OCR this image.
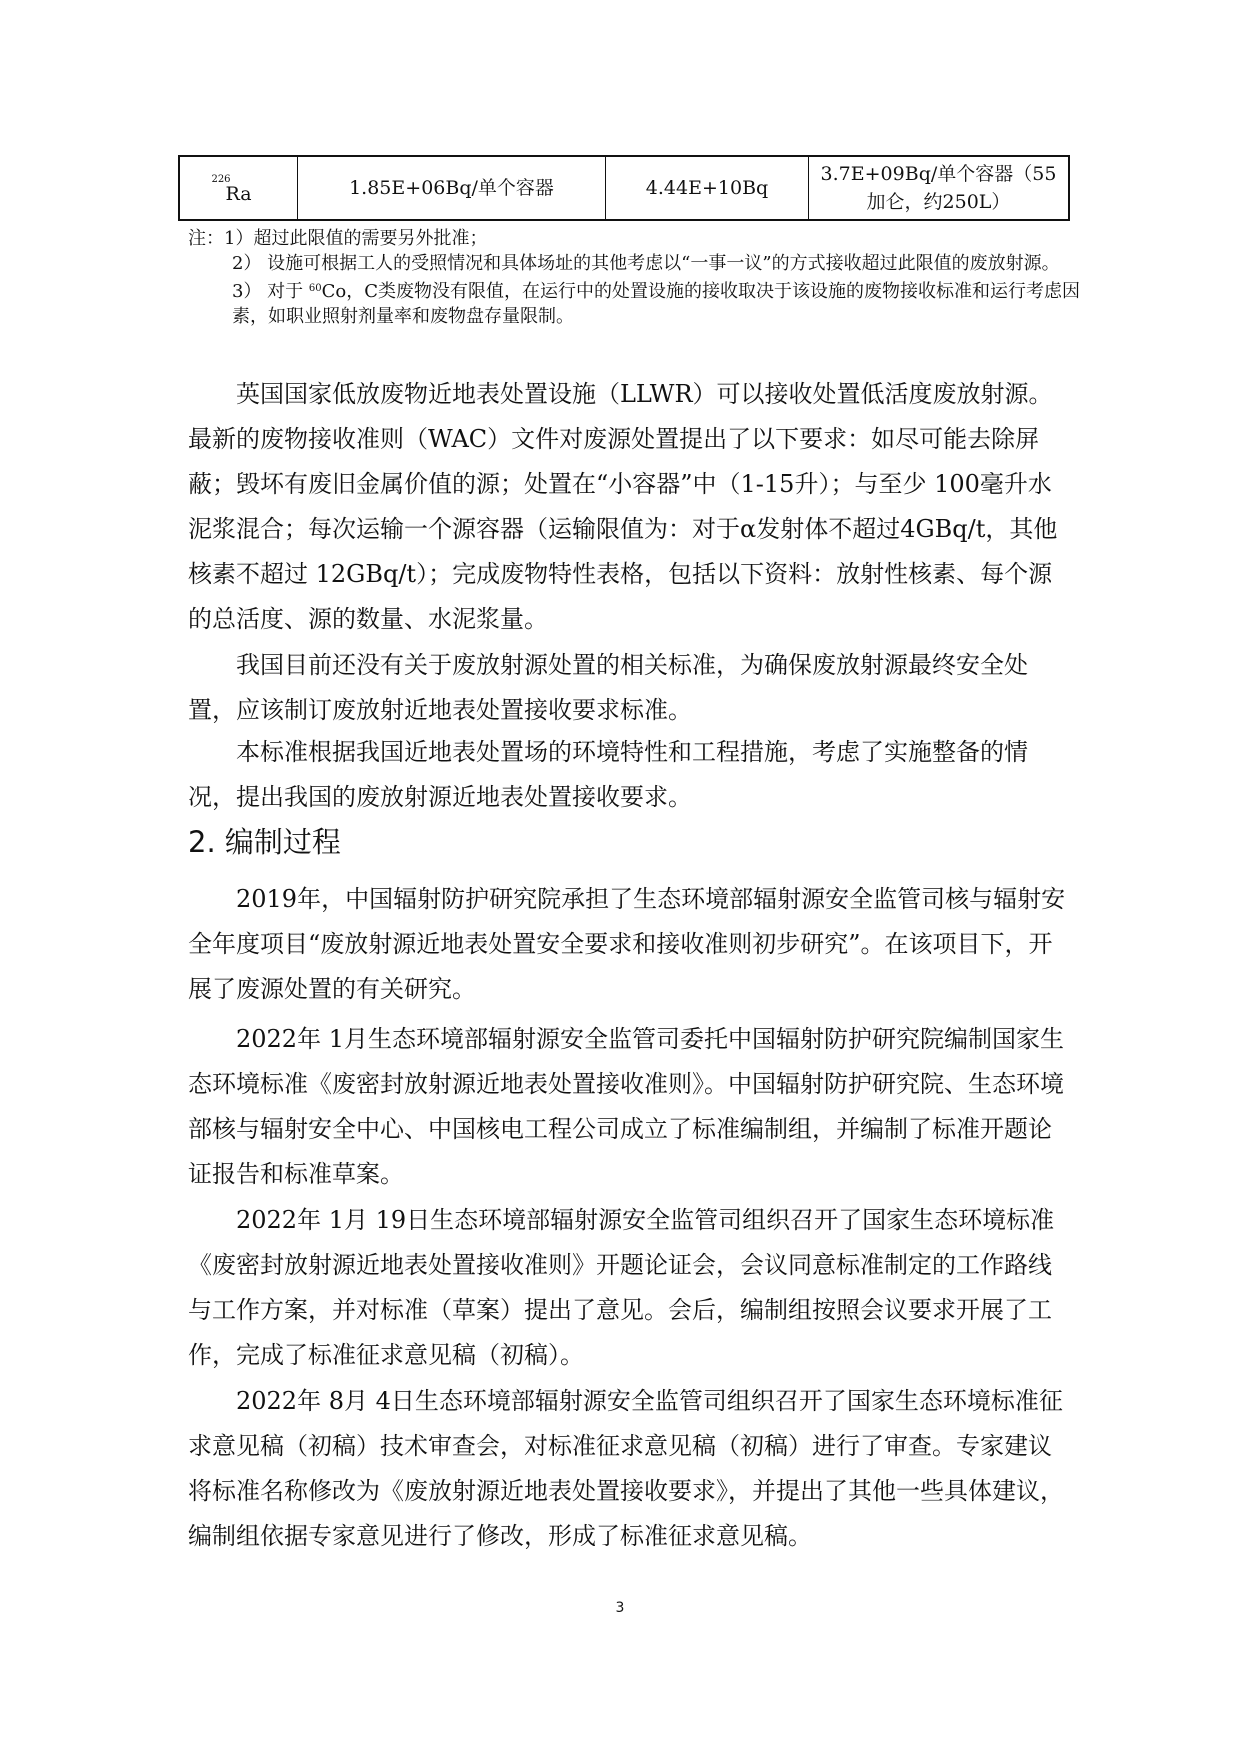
226
Ra	1.85E+06Bq/单个容器	4.44E+10Bq	3.7E+09Bq/单个容器（55加仑，约250L）

注：1）超过此限值的需要另外批准；

2） 设施可根据工人的受照情况和具体场址的其他考虑以“一事一议”的方式接收超过此限值的废放射源。

3） 对于 $^{60}$Co，C类废物没有限值，在运行中的处置设施的接收取决于该设施的废物接收标准和运行考虑因素，如职业照射剂量率和废物盘存量限制。

英国国家低放废物近地表处置设施（LLWR）可以接收处置低活度废放射源。最新的废物接收准则（WAC）文件对废源处置提出了以下要求：如尽可能去除屏蔽；毁坏有废旧金属价值的源；处置在“小容器”中（1-15升）；与至少 100毫升水泥浆混合；每次运输一个源容器（运输限值为：对于α发射体不超过4GBq/t，其他核素不超过 12GBq/t）；完成废物特性表格，包括以下资料：放射性核素、每个源的总活度、源的数量、水泥浆量。

我国目前还没有关于废放射源处置的相关标准，为确保废放射源最终安全处置，应该制订废放射近地表处置接收要求标准。

本标准根据我国近地表处置场的环境特性和工程措施，考虑了实施整备的情况，提出我国的废放射源近地表处置接收要求。

2. 编制过程

2019年，中国辐射防护研究院承担了生态环境部辐射源安全监管司核与辐射安全年度项目“废放射源近地表处置安全要求和接收准则初步研究”。在该项目下，开展了废源处置的有关研究。

2022年 1月生态环境部辐射源安全监管司委托中国辐射防护研究院编制国家生态环境标准《废密封放射源近地表处置接收准则》。中国辐射防护研究院、生态环境部核与辐射安全中心、中国核电工程公司成立了标准编制组，并编制了标准开题论证报告和标准草案。

2022年 1月 19日生态环境部辐射源安全监管司组织召开了国家生态环境标准《废密封放射源近地表处置接收准则》开题论证会，会议同意标准制定的工作路线与工作方案，并对标准（草案）提出了意见。会后，编制组按照会议要求开展了工作，完成了标准征求意见稿（初稿）。

2022年 8月 4日生态环境部辐射源安全监管司组织召开了国家生态环境标准征求意见稿（初稿）技术审查会，对标准征求意见稿（初稿）进行了审查。专家建议将标准名称修改为《废放射源近地表处置接收要求》，并提出了其他一些具体建议，编制组依据专家意见进行了修改，形成了标准征求意见稿。

3
